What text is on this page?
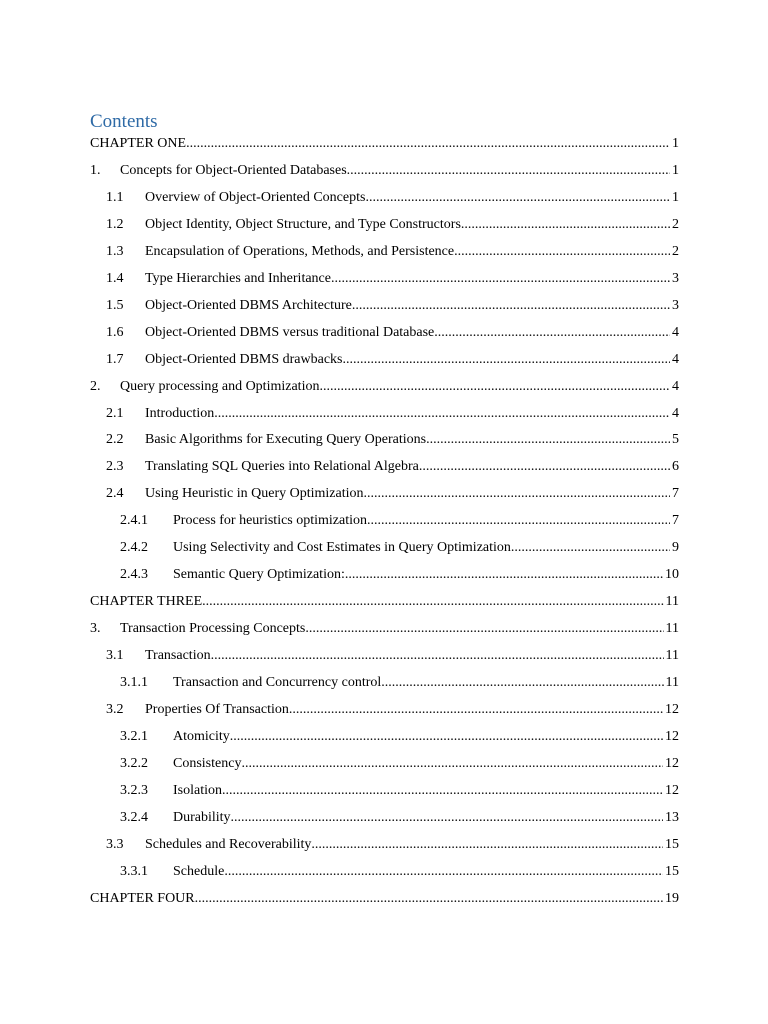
Contents
CHAPTER ONE .....	1
1. Concepts for Object-Oriented Databases .....	1
1.1 Overview of Object-Oriented Concepts .....	1
1.2 Object Identity, Object Structure, and Type Constructors .....	2
1.3 Encapsulation of Operations, Methods, and Persistence .....	2
1.4 Type Hierarchies and Inheritance .....	3
1.5 Object-Oriented DBMS Architecture .....	3
1.6 Object-Oriented DBMS versus traditional Database .....	4
1.7 Object-Oriented DBMS drawbacks .....	4
2. Query processing and Optimization .....	4
2.1 Introduction .....	4
2.2 Basic Algorithms for Executing Query Operations .....	5
2.3 Translating SQL Queries into Relational Algebra .....	6
2.4 Using Heuristic in Query Optimization .....	7
2.4.1 Process for heuristics optimization .....	7
2.4.2 Using Selectivity and Cost Estimates in Query Optimization .....	9
2.4.3 Semantic Query Optimization: .....	10
CHAPTER THREE .....	11
3. Transaction Processing Concepts .....	11
3.1 Transaction .....	11
3.1.1 Transaction and Concurrency control .....	11
3.2 Properties Of Transaction .....	12
3.2.1 Atomicity .....	12
3.2.2 Consistency .....	12
3.2.3 Isolation .....	12
3.2.4 Durability .....	13
3.3 Schedules and Recoverability .....	15
3.3.1 Schedule .....	15
CHAPTER FOUR .....	19
